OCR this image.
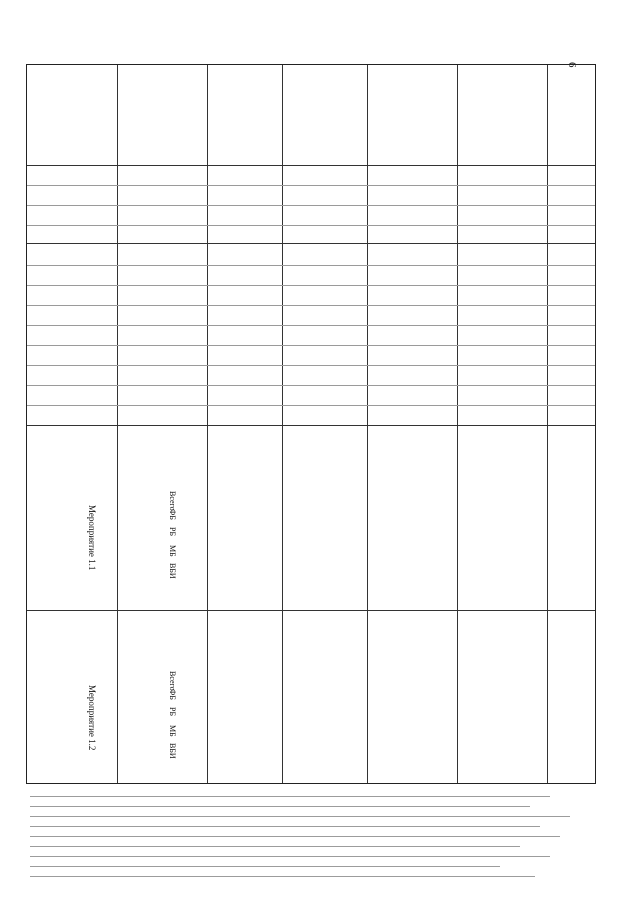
6
Мероприятие 1.1
Мероприятие 1.2
Всего
ФБ
РБ
МБ
ВБИ
Всего
ФБ
РБ
МБ
ВБИ
